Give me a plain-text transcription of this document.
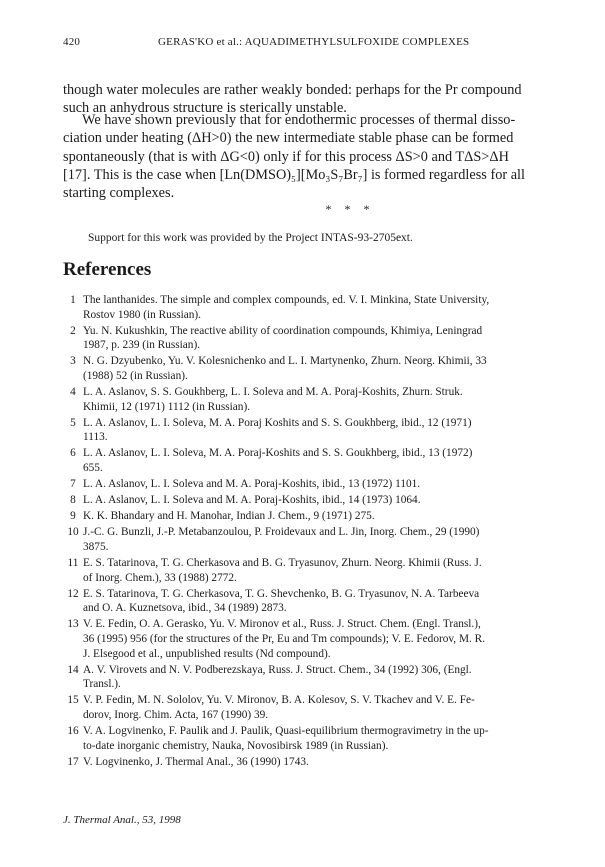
420	GERAS'KO et al.: AQUADIMETHYLSULFOXIDE COMPLEXES
though water molecules are rather weakly bonded: perhaps for the Pr compound
such an anhydrous structure is sterically unstable.
We have shown previously that for endothermic processes of thermal disso-
ciation under heating (ΔH>0) the new intermediate stable phase can be formed
spontaneously (that is with ΔG<0) only if for this process ΔS>0 and TΔS>ΔH
[17]. This is the case when [Ln(DMSO)₅][Mo₃S₇Br₇] is formed regardless for all
starting complexes.
* * *
Support for this work was provided by the Project INTAS-93-2705ext.
References
1 The lanthanides. The simple and complex compounds, ed. V. I. Minkina, State University,
Rostov 1980 (in Russian).
2 Yu. N. Kukushkin, The reactive ability of coordination compounds, Khimiya, Leningrad
1987, p. 239 (in Russian).
3 N. G. Dzyubenko, Yu. V. Kolesnichenko and L. I. Martynenko, Zhurn. Neorg. Khimii, 33
(1988) 52 (in Russian).
4 L. A. Aslanov, S. S. Goukhberg, L. I. Soleva and M. A. Poraj-Koshits, Zhurn. Struk.
Khimii, 12 (1971) 1112 (in Russian).
5 L. A. Aslanov, L. I. Soleva, M. A. Poraj Koshits and S. S. Goukhberg, ibid., 12 (1971)
1113.
6 L. A. Aslanov, L. I. Soleva, M. A. Poraj-Koshits and S. S. Goukhberg, ibid., 13 (1972)
655.
7 L. A. Aslanov, L. I. Soleva and M. A. Poraj-Koshits, ibid., 13 (1972) 1101.
8 L. A. Aslanov, L. I. Soleva and M. A. Poraj-Koshits, ibid., 14 (1973) 1064.
9 K. K. Bhandary and H. Manohar, Indian J. Chem., 9 (1971) 275.
10 J.-C. G. Bunzli, J.-P. Metabanzoulou, P. Froidevaux and L. Jin, Inorg. Chem., 29 (1990)
3875.
11 E. S. Tatarinova, T. G. Cherkasova and B. G. Tryasunov, Zhurn. Neorg. Khimii (Russ. J.
of Inorg. Chem.), 33 (1988) 2772.
12 E. S. Tatarinova, T. G. Cherkasova, T. G. Shevchenko, B. G. Tryasunov, N. A. Tarbeeva
and O. A. Kuznetsova, ibid., 34 (1989) 2873.
13 V. E. Fedin, O. A. Gerasko, Yu. V. Mironov et al., Russ. J. Struct. Chem. (Engl. Transl.),
36 (1995) 956 (for the structures of the Pr, Eu and Tm compounds); V. E. Fedorov, M. R.
J. Elsegood et al., unpublished results (Nd compound).
14 A. V. Virovets and N. V. Podberezskaya, Russ. J. Struct. Chem., 34 (1992) 306, (Engl.
Transl.).
15 V. P. Fedin, M. N. Sololov, Yu. V. Mironov, B. A. Kolesov, S. V. Tkachev and V. E. Fe-
dorov, Inorg. Chim. Acta, 167 (1990) 39.
16 V. A. Logvinenko, F. Paulik and J. Paulik, Quasi-equilibrium thermogravimetry in the up-
to-date inorganic chemistry, Nauka, Novosibirsk 1989 (in Russian).
17 V. Logvinenko, J. Thermal Anal., 36 (1990) 1743.
J. Thermal Anal., 53, 1998
